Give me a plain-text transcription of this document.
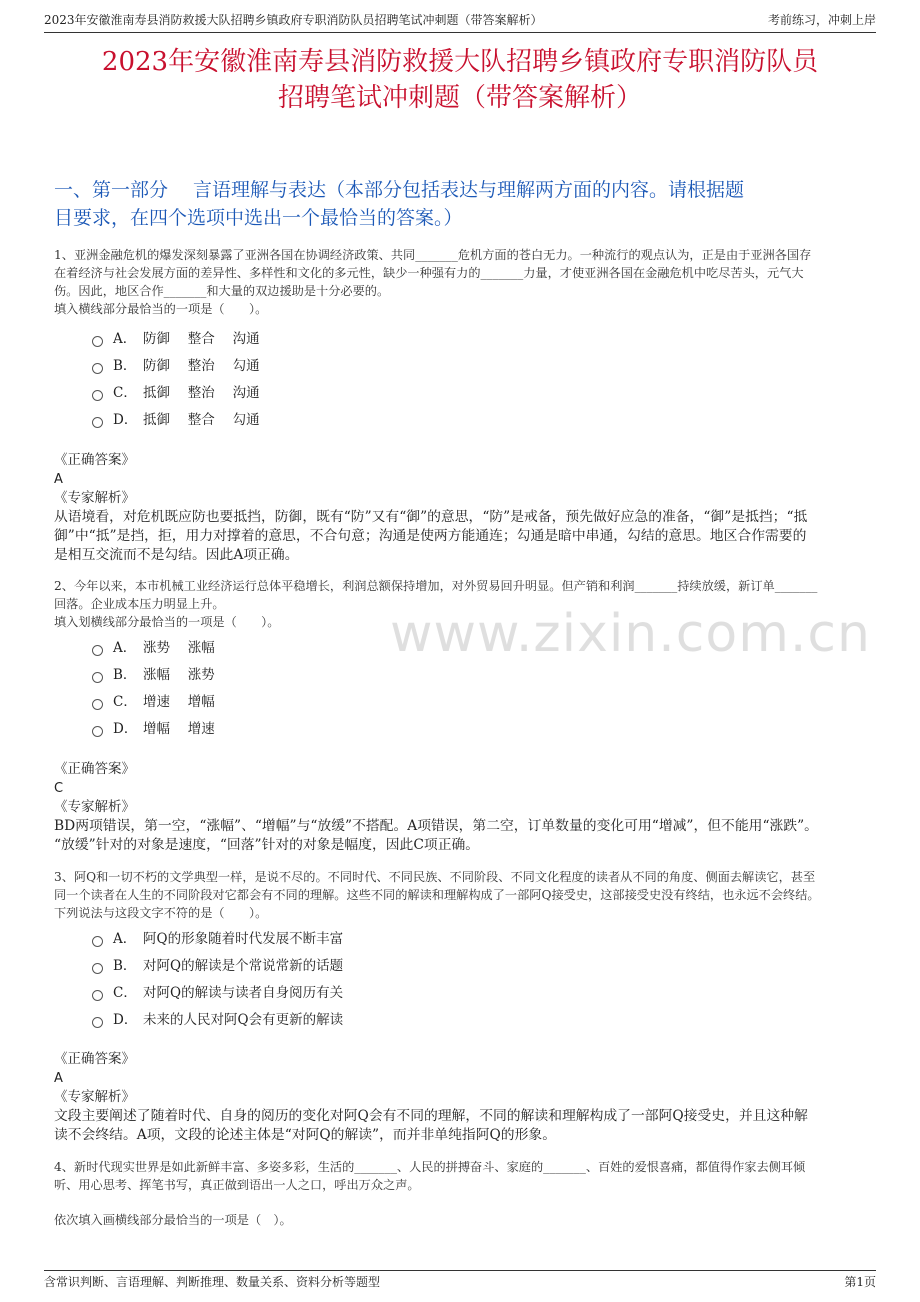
2023年安徽淮南寿县消防救援大队招聘乡镇政府专职消防队员招聘笔试冲刺题（带答案解析）	考前练习，冲刺上岸
2023年安徽淮南寿县消防救援大队招聘乡镇政府专职消防队员
招聘笔试冲刺题（带答案解析）
一、第一部分　 言语理解与表达（本部分包括表达与理解两方面的内容。请根据题
目要求，在四个选项中选出一个最恰当的答案。）
www.zixin.com.cn
1、亚洲金融危机的爆发深刻暴露了亚洲各国在协调经济政策、共同_______危机方面的苍白无力。一种流行的观点认为，正是由于亚洲各国存
在着经济与社会发展方面的差异性、多样性和文化的多元性，缺少一种强有力的_______力量，才使亚洲各国在金融危机中吃尽苦头，元气大
伤。因此，地区合作_______和大量的双边援助是十分必要的。
填入横线部分最恰当的一项是（　　）。
A． 防御　 整合　 沟通
B． 防御　 整治　 勾通
C． 抵御　 整治　 沟通
D． 抵御　 整合　 勾通
《正确答案》
A
《专家解析》
从语境看，对危机既应防也要抵挡，防御，既有“防”又有“御”的意思，“防”是戒备，预先做好应急的准备，“御”是抵挡；“抵
御”中“抵”是挡，拒，用力对撑着的意思，不合句意；沟通是使两方能通连；勾通是暗中串通，勾结的意思。地区合作需要的
是相互交流而不是勾结。因此A项正确。
2、今年以来，本市机械工业经济运行总体平稳增长，利润总额保持增加，对外贸易回升明显。但产销和利润_______持续放缓，新订单_______
回落。企业成本压力明显上升。
填入划横线部分最恰当的一项是（　　）。
A． 涨势　 涨幅
B． 涨幅　 涨势
C． 增速　 增幅
D． 增幅　 增速
《正确答案》
C
《专家解析》
BD两项错误，第一空，“涨幅”、“增幅”与“放缓”不搭配。A项错误，第二空，订单数量的变化可用“增减”，但不能用“涨跌”。
“放缓”针对的对象是速度，“回落”针对的对象是幅度，因此C项正确。
3、阿Q和一切不朽的文学典型一样，是说不尽的。不同时代、不同民族、不同阶段、不同文化程度的读者从不同的角度、侧面去解读它，甚至
同一个读者在人生的不同阶段对它都会有不同的理解。这些不同的解读和理解构成了一部阿Q接受史，这部接受史没有终结，也永远不会终结。
下列说法与这段文字不符的是（　　）。
A． 阿Q的形象随着时代发展不断丰富
B． 对阿Q的解读是个常说常新的话题
C． 对阿Q的解读与读者自身阅历有关
D． 未来的人民对阿Q会有更新的解读
《正确答案》
A
《专家解析》
文段主要阐述了随着时代、自身的阅历的变化对阿Q会有不同的理解，不同的解读和理解构成了一部阿Q接受史，并且这种解
读不会终结。A项，文段的论述主体是“对阿Q的解读”，而并非单纯指阿Q的形象。
4、新时代现实世界是如此新鲜丰富、多姿多彩，生活的_______、人民的拼搏奋斗、家庭的_______、百姓的爱恨喜痛，都值得作家去侧耳倾
听、用心思考、挥笔书写，真正做到语出一人之口，呼出万众之声。
依次填入画横线部分最恰当的一项是（　）。
含常识判断、言语理解、判断推理、数量关系、资料分析等题型	第1页
